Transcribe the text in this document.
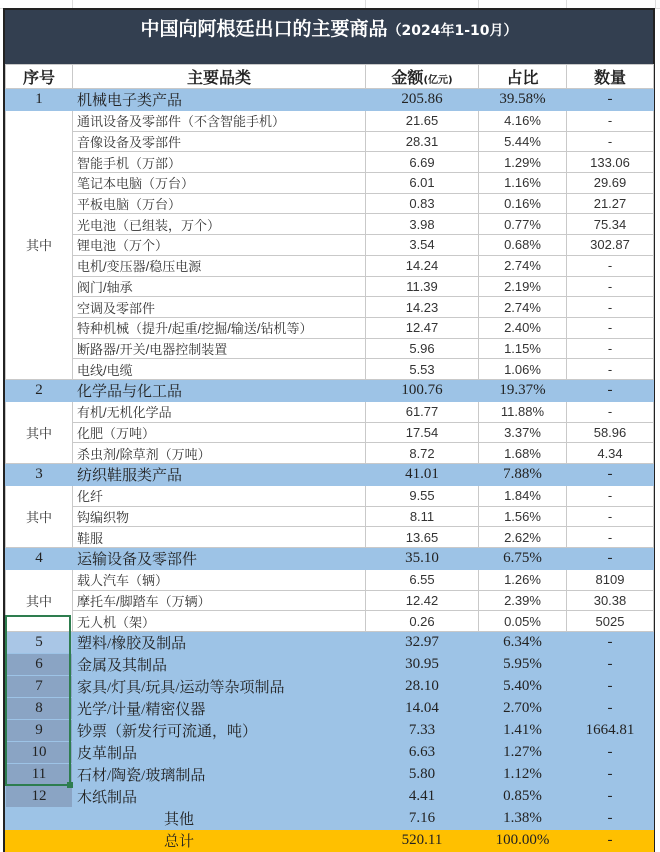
中国向阿根廷出口的主要商品（2024年1-10月）
序号	主要品类	金额(亿元)	占比	数量
1	机械电子类产品	205.86	39.58%	-
其中	通讯设备及零部件（不含智能手机）	21.65	4.16%	-
	音像设备及零部件	28.31	5.44%	-
	智能手机（万部）	6.69	1.29%	133.06
	笔记本电脑（万台）	6.01	1.16%	29.69
	平板电脑（万台）	0.83	0.16%	21.27
	光电池（已组装，万个）	3.98	0.77%	75.34
	锂电池（万个）	3.54	0.68%	302.87
	电机/变压器/稳压电源	14.24	2.74%	-
	阀门/轴承	11.39	2.19%	-
	空调及零部件	14.23	2.74%	-
	特种机械（提升/起重/挖掘/输送/钻机等）	12.47	2.40%	-
	断路器/开关/电器控制装置	5.96	1.15%	-
	电线/电缆	5.53	1.06%	-
2	化学品与化工品	100.76	19.37%	-
其中	有机/无机化学品	61.77	11.88%	-
	化肥（万吨）	17.54	3.37%	58.96
	杀虫剂/除草剂（万吨）	8.72	1.68%	4.34
3	纺织鞋服类产品	41.01	7.88%	-
其中	化纤	9.55	1.84%	-
	钩编织物	8.11	1.56%	-
	鞋服	13.65	2.62%	-
4	运输设备及零部件	35.10	6.75%	-
其中	载人汽车（辆）	6.55	1.26%	8109
	摩托车/脚踏车（万辆）	12.42	2.39%	30.38
	无人机（架）	0.26	0.05%	5025
5	塑料/橡胶及制品	32.97	6.34%	-
6	金属及其制品	30.95	5.95%	-
7	家具/灯具/玩具/运动等杂项制品	28.10	5.40%	-
8	光学/计量/精密仪器	14.04	2.70%	-
9	钞票（新发行可流通，吨）	7.33	1.41%	1664.81
10	皮革制品	6.63	1.27%	-
11	石材/陶瓷/玻璃制品	5.80	1.12%	-
12	木纸制品	4.41	0.85%	-
	其他	7.16	1.38%	-
	总计	520.11	100.00%	-
